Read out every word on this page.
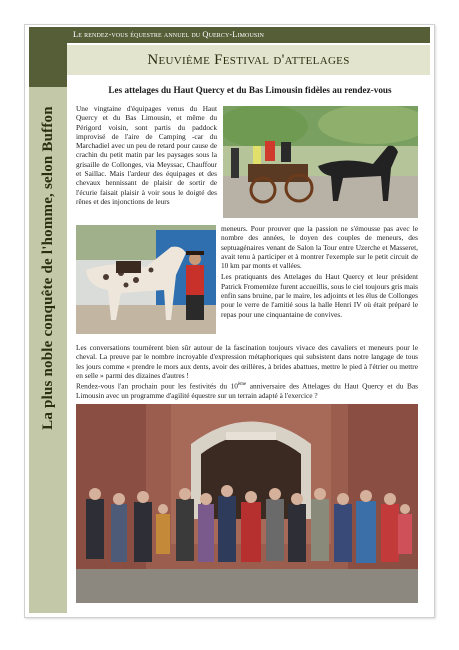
La plus noble conquête de l'homme, selon Buffon
Le rendez-vous équestre annuel du Quercy-Limousin
Neuvième Festival d'attelages
Les attelages du Haut Quercy et du Bas Limousin fidèles au rendez-vous
Une vingtaine d'équipages venus du Haut Quercy et du Bas Limousin, et même du Périgord voisin, sont partis du paddock improvisé de l'aire de Camping -car du Marchadiel avec un peu de retard pour cause de crachin du petit matin par les paysages sous la grisaille de Collonges, via Meyssac, Chauffour et Saillac. Mais l'ardeur des équipages et des chevaux hennissant de plaisir de sortir de l'écurie faisait plaisir à voir sous le doigté des rênes et des injonctions de leurs
meneurs. Pour prouver que la passion ne s'émousse pas avec le nombre des années, le doyen des couples de meneurs, des septuagénaires venant de Salon la Tour entre Uzerche et Masseret, avait tenu à participer et à montrer l'exemple sur le petit circuit de 10 km par monts et vallées.
Les pratiquants des Attelages du Haut Quercy et leur président Patrick Fromentèze furent accueillis, sous le ciel toujours gris mais enfin sans bruine, par le maire, les adjoints et les élus de Collonges pour le verre de l'amitié sous la halle Henri IV où était préparé le repas pour une cinquantaine de convives.
Les conversations tournèrent bien sûr autour de la fascination toujours vivace des cavaliers et meneurs pour le cheval. La preuve par le nombre incroyable d'expression métaphoriques qui subsistent dans notre langage de tous les jours comme « prendre le mors aux dents, avoir des œillères, à brides abattues, mettre le pied à l'étrier ou mettre en selle » parmi des dizaines d'autres !
Rendez-vous l'an prochain pour les festivités du 10ème anniversaire des Attelages du Haut Quercy et du Bas Limousin avec un programme d'agilité équestre sur un terrain adapté à l'exercice ?
